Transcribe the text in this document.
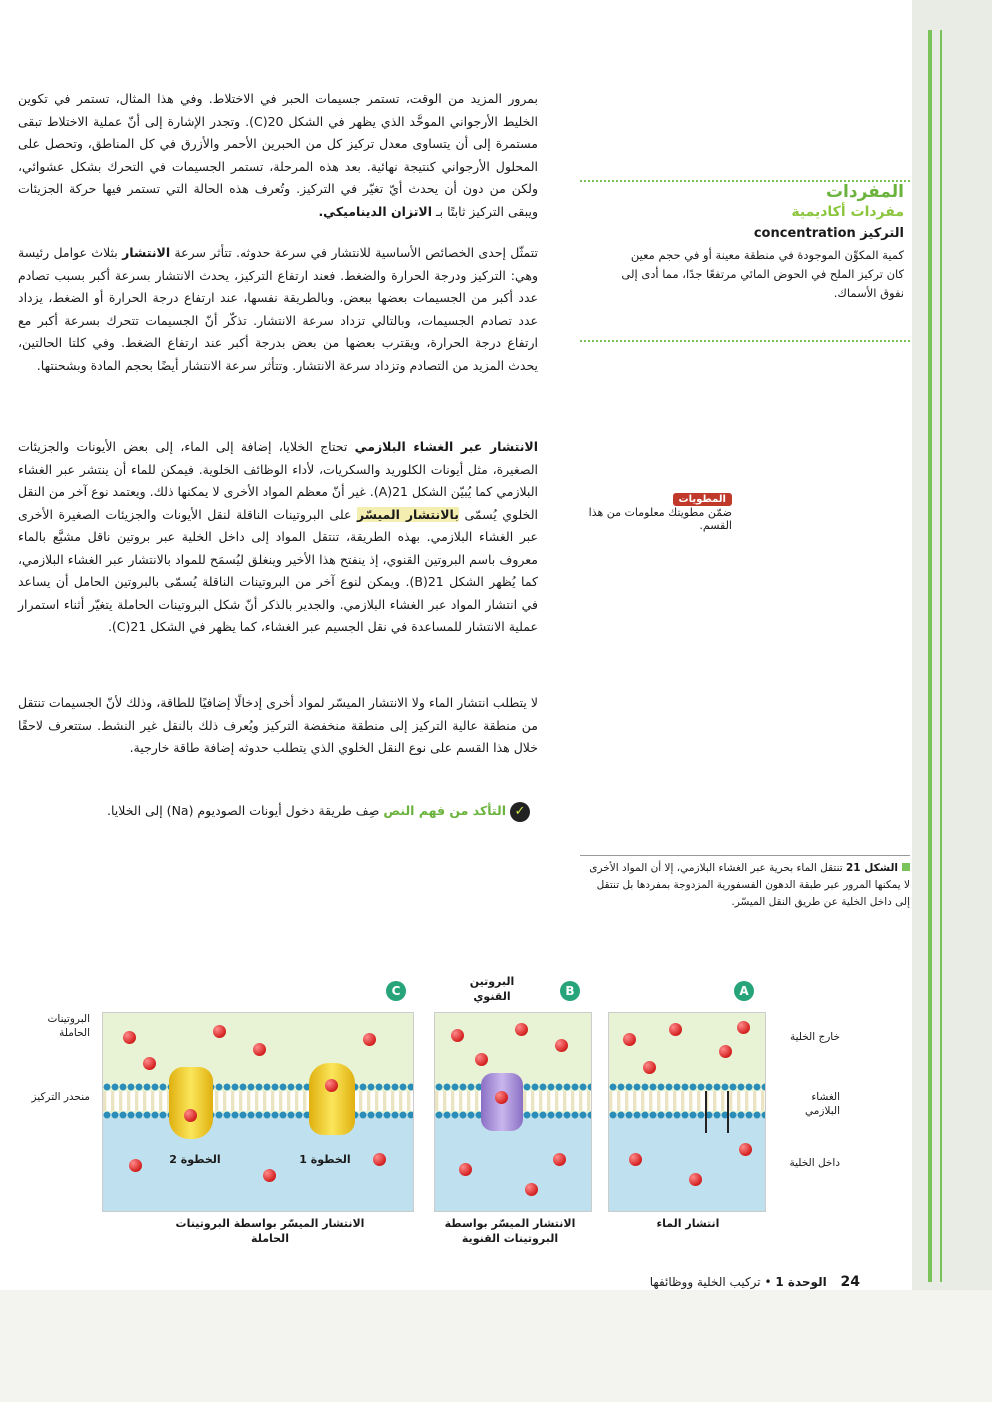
بمرور المزيد من الوقت، تستمر جسيمات الحبر في الاختلاط. وفي هذا المثال، تستمر في تكوين الخليط الأرجواني الموحَّد الذي يظهر في الشكل 20(C). وتجدر الإشارة إلى أنّ عملية الاختلاط تبقى مستمرة إلى أن يتساوى معدل تركيز كل من الحبرين الأحمر والأزرق في كل المناطق، وتحصل على المحلول الأرجواني كنتيجة نهائية. بعد هذه المرحلة، تستمر الجسيمات في التحرك بشكل عشوائي، ولكن من دون أن يحدث أيّ تغيّر في التركيز. وتُعرف هذه الحالة التي تستمر فيها حركة الجزيئات ويبقى التركيز ثابتًا بـ الاتزان الديناميكي.
تتمثّل إحدى الخصائص الأساسية للانتشار في سرعة حدوثه. تتأثر سرعة الانتشار بثلاث عوامل رئيسة وهي: التركيز ودرجة الحرارة والضغط. فعند ارتفاع التركيز، يحدث الانتشار بسرعة أكبر بسبب تصادم عدد أكبر من الجسيمات بعضها ببعض. وبالطريقة نفسها، عند ارتفاع درجة الحرارة أو الضغط، يزداد عدد تصادم الجسيمات، وبالتالي تزداد سرعة الانتشار. تذكّر أنّ الجسيمات تتحرك بسرعة أكبر مع ارتفاع درجة الحرارة، ويقترب بعضها من بعض بدرجة أكبر عند ارتفاع الضغط. وفي كلتا الحالتين، يحدث المزيد من التصادم وتزداد سرعة الانتشار. وتتأثر سرعة الانتشار أيضًا بحجم المادة وبشحنتها.
الانتشار عبر الغشاء البلازمي تحتاج الخلايا، إضافة إلى الماء، إلى بعض الأيونات والجزيئات الصغيرة، مثل أيونات الكلوريد والسكريات، لأداء الوظائف الخلوية. فيمكن للماء أن ينتشر عبر الغشاء البلازمي كما يُبيّن الشكل 21(A). غير أنّ معظم المواد الأخرى لا يمكنها ذلك. ويعتمد نوع آخر من النقل الخلوي يُسمّى بالانتشار الميسّر على البروتينات الناقلة لنقل الأيونات والجزيئات الصغيرة الأخرى عبر الغشاء البلازمي. بهذه الطريقة، تنتقل المواد إلى داخل الخلية عبر بروتين ناقل مشبَّع بالماء معروف باسم البروتين القنوي، إذ ينفتح هذا الأخير وينغلق ليُسمَح للمواد بالانتشار عبر الغشاء البلازمي، كما يُظهر الشكل 21(B). ويمكن لنوع آخر من البروتينات الناقلة يُسمّى بالبروتين الحامل أن يساعد في انتشار المواد عبر الغشاء البلازمي. والجدير بالذكر أنّ شكل البروتينات الحاملة يتغيّر أثناء استمرار عملية الانتشار للمساعدة في نقل الجسيم عبر الغشاء، كما يظهر في الشكل 21(C).
لا يتطلب انتشار الماء ولا الانتشار الميسّر لمواد أخرى إدخالًا إضافيًا للطاقة، وذلك لأنّ الجسيمات تنتقل من منطقة عالية التركيز إلى منطقة منخفضة التركيز ويُعرف ذلك بالنقل غير النشط. ستتعرف لاحقًا خلال هذا القسم على نوع النقل الخلوي الذي يتطلب حدوثه إضافة طاقة خارجية.
✓ التأكد من فهم النص صِف طريقة دخول أيونات الصوديوم (Na) إلى الخلايا.
المفردات
مفردات أكاديمية
التركيز concentration
كمية المكوِّن الموجودة في منطقة معينة أو في حجم معين
كان تركيز الملح في الحوض المائي مرتفعًا جدًا، مما أدى إلى نفوق الأسماك.
المطويات
ضمّن مطويتك معلومات من هذا القسم.
الشكل 21 تنتقل الماء بحرية عبر الغشاء البلازمي، إلا أن المواد الأخرى لا يمكنها المرور عبر طبقة الدهون الفسفورية المزدوجة بمفردها بل تنتقل إلى داخل الخلية عن طريق النقل الميسّر.
A
B
البروتين القنوي
C
الخطوة 2	الخطوة 1
البروتينات الحاملة
منحدر التركيز
خارج الخلية
الغشاء البلازمي
داخل الخلية
انتشار الماء
الانتشار الميسّر بواسطة البروتينات القنوية
الانتشار الميسّر بواسطة البروتينات الحاملة
24 الوحدة 1 • تركيب الخلية ووظائفها
